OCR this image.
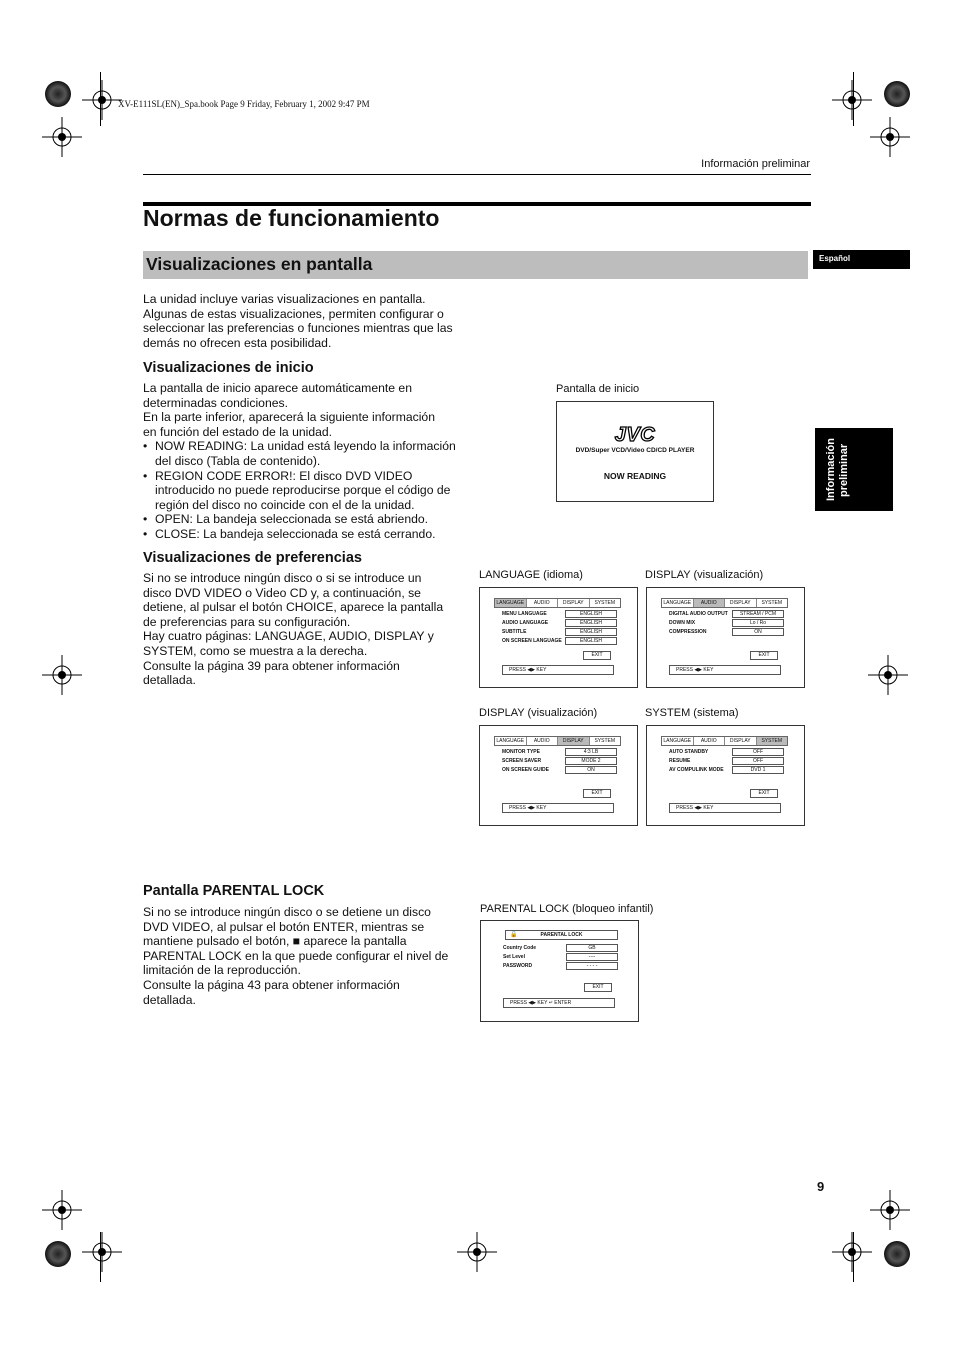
XV-E111SL(EN)_Spa.book Page 9 Friday, February 1, 2002 9:47 PM
Información preliminar
Normas de funcionamiento
Visualizaciones en pantalla	Español
Información
preliminar

La unidad incluye varias visualizaciones en pantalla.

Algunas de estas visualizaciones, permiten configurar o

seleccionar las preferencias o funciones mientras que las

demás no ofrecen esta posibilidad.

Visualizaciones de inicio

La pantalla de inicio aparece automáticamente en

determinadas condiciones.

En la parte inferior, aparecerá la siguiente información

en función del estado de la unidad.

• NOW READING: La unidad está leyendo la información del disco (Tabla de contenido).
• REGION CODE ERROR!: El disco DVD VIDEO introducido no puede reproducirse porque el código de región del disco no coincide con el de la unidad.
• OPEN: La bandeja seleccionada se está abriendo.
• CLOSE: La bandeja seleccionada se está cerrando.
Visualizaciones de preferencias

Si no se introduce ningún disco o si se introduce un

disco DVD VIDEO o Video CD y, a continuación, se

detiene, al pulsar el botón CHOICE, aparece la pantalla

de preferencias para su configuración.

Hay cuatro páginas: LANGUAGE, AUDIO, DISPLAY y

SYSTEM, como se muestra a la derecha.

Consulte la página 39 para obtener información

detallada.

Pantalla PARENTAL LOCK

Si no se introduce ningún disco o se detiene un disco

DVD VIDEO, al pulsar el botón ENTER, mientras se

mantiene pulsado el botón, ■ aparece la pantalla

PARENTAL LOCK en la que puede configurar el nivel de

limitación de la reproducción.

Consulte la página 43 para obtener información

detallada.

Pantalla de inicio
JVC
DVD/Super VCD/Video CD/CD PLAYER
NOW READING
LANGUAGE (idioma)
LANGUAGE	AUDIO	DISPLAY	SYSTEM
MENU LANGUAGE	ENGLISH
AUDIO LANGUAGE	ENGLISH
SUBTITLE	ENGLISH
ON SCREEN LANGUAGE	ENGLISH
EXIT
PRESS ◀▶ KEY
DISPLAY (visualización)
LANGUAGE	AUDIO	DISPLAY	SYSTEM
DIGITAL AUDIO OUTPUT	STREAM / PCM
DOWN MIX	Lo / Ro
COMPRESSION	ON
EXIT
PRESS ◀▶ KEY
DISPLAY (visualización)
LANGUAGE	AUDIO	DISPLAY	SYSTEM
MONITOR TYPE	4:3 LB
SCREEN SAVER	MODE 2
ON SCREEN GUIDE	ON
EXIT
PRESS ◀▶ KEY
SYSTEM (sistema)
LANGUAGE	AUDIO	DISPLAY	SYSTEM
AUTO STANDBY	OFF
RESUME	OFF
AV COMPULINK MODE	DVD 1
EXIT
PRESS ◀▶ KEY
PARENTAL LOCK (bloqueo infantil)
🔒	PARENTAL LOCK
Country Code	GB
Set Level	----
PASSWORD	- - - -
EXIT
PRESS ◀▶ KEY ↵ ENTER
9
